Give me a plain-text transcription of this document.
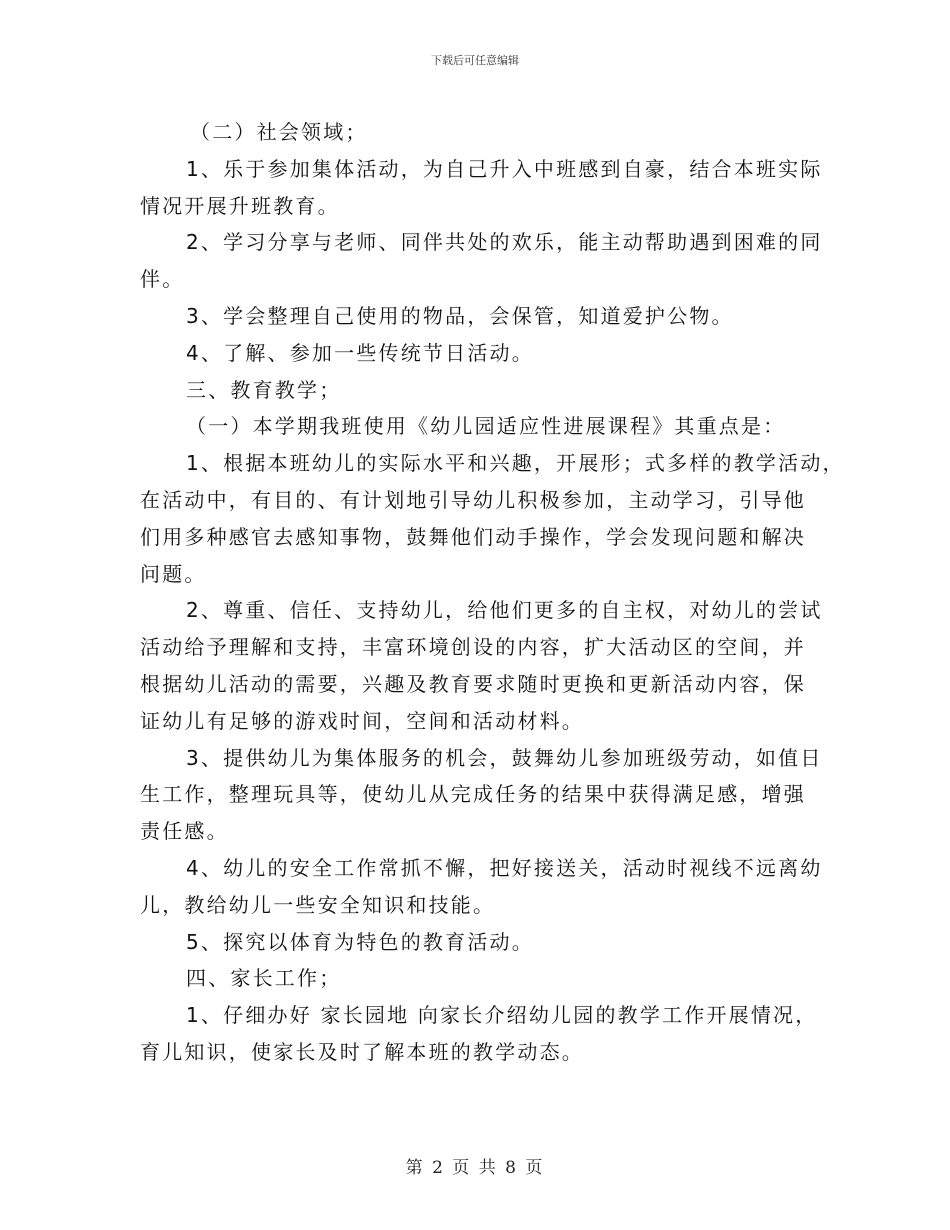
下载后可任意编辑
（二）社会领域；
1、乐于参加集体活动，为自己升入中班感到自豪，结合本班实际
情况开展升班教育。
2、学习分享与老师、同伴共处的欢乐，能主动帮助遇到困难的同
伴。
3、学会整理自己使用的物品，会保管，知道爱护公物。
4、了解、参加一些传统节日活动。
三、教育教学；
（一）本学期我班使用《幼儿园适应性进展课程》其重点是：
1、根据本班幼儿的实际水平和兴趣，开展形；式多样的教学活动，
在活动中，有目的、有计划地引导幼儿积极参加，主动学习，引导他
们用多种感官去感知事物，鼓舞他们动手操作，学会发现问题和解决
问题。
2、尊重、信任、支持幼儿，给他们更多的自主权，对幼儿的尝试
活动给予理解和支持，丰富环境创设的内容，扩大活动区的空间，并
根据幼儿活动的需要，兴趣及教育要求随时更换和更新活动内容，保
证幼儿有足够的游戏时间，空间和活动材料。
3、提供幼儿为集体服务的机会，鼓舞幼儿参加班级劳动，如值日
生工作，整理玩具等，使幼儿从完成任务的结果中获得满足感，增强
责任感。
4、幼儿的安全工作常抓不懈，把好接送关，活动时视线不远离幼
儿，教给幼儿一些安全知识和技能。
5、探究以体育为特色的教育活动。
四、家长工作；
1、仔细办好 家长园地 向家长介绍幼儿园的教学工作开展情况，
育儿知识，使家长及时了解本班的教学动态。
第 2 页 共 8 页
